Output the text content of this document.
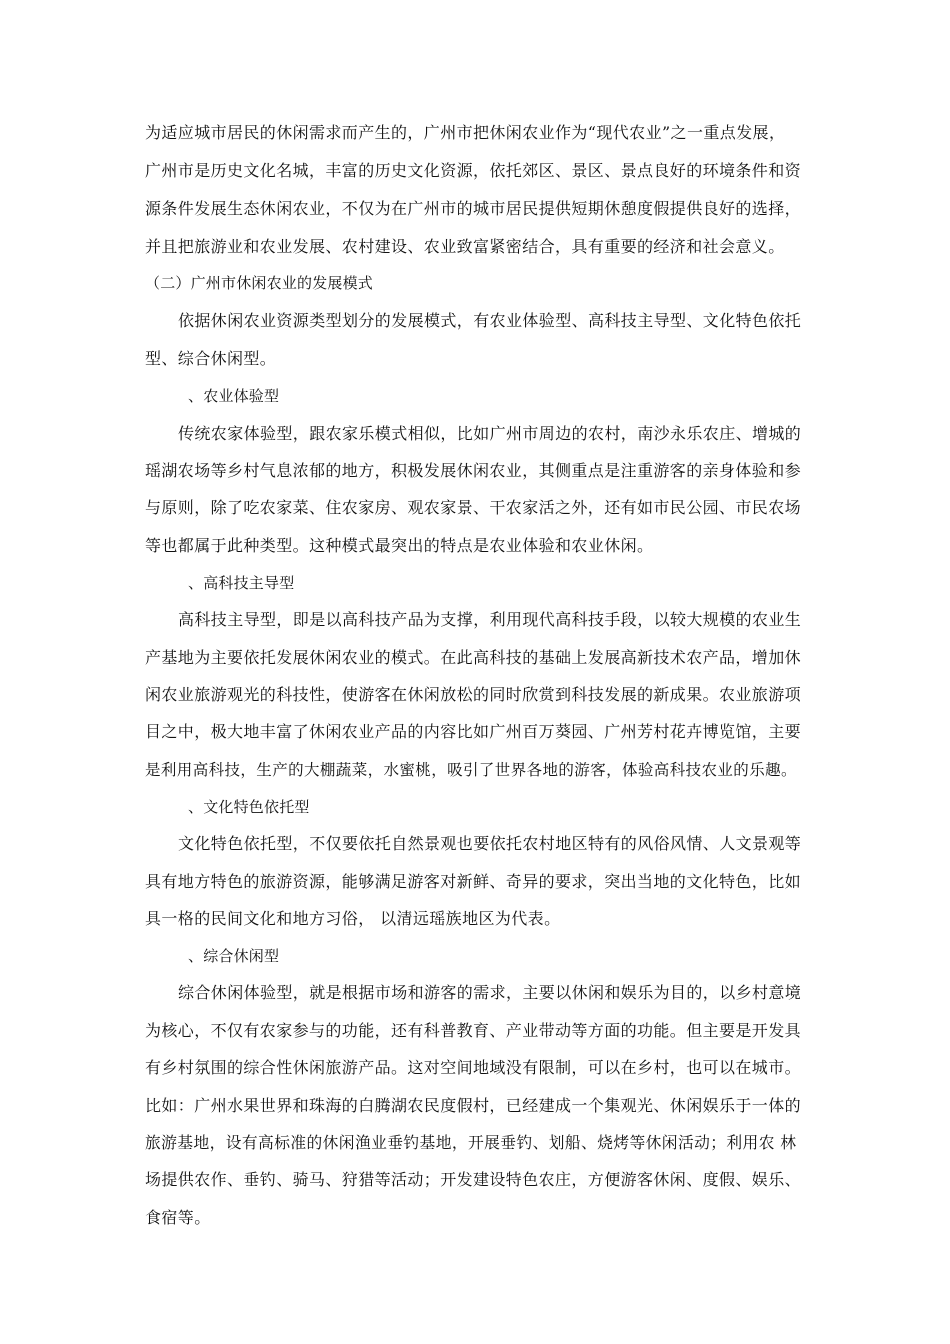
为适应城市居民的休闲需求而产生的，广州市把休闲农业作为“现代农业”之一重点发展，
广州市是历史文化名城，丰富的历史文化资源，依托郊区、景区、景点良好的环境条件和资
源条件发展生态休闲农业，不仅为在广州市的城市居民提供短期休憩度假提供良好的选择，
并且把旅游业和农业发展、农村建设、农业致富紧密结合，具有重要的经济和社会意义。
（二）广州市休闲农业的发展模式
依据休闲农业资源类型划分的发展模式，有农业体验型、高科技主导型、文化特色依托
型、综合休闲型。
、农业体验型
传统农家体验型，跟农家乐模式相似，比如广州市周边的农村，南沙永乐农庄、增城的
瑶湖农场等乡村气息浓郁的地方，积极发展休闲农业，其侧重点是注重游客的亲身体验和参
与原则，除了吃农家菜、住农家房、观农家景、干农家活之外，还有如市民公园、市民农场
等也都属于此种类型。这种模式最突出的特点是农业体验和农业休闲。
、高科技主导型
高科技主导型，即是以高科技产品为支撑，利用现代高科技手段，以较大规模的农业生
产基地为主要依托发展休闲农业的模式。在此高科技的基础上发展高新技术农产品，增加休
闲农业旅游观光的科技性，使游客在休闲放松的同时欣赏到科技发展的新成果。农业旅游项
目之中，极大地丰富了休闲农业产品的内容比如广州百万葵园、广州芳村花卉博览馆，主要
是利用高科技，生产的大棚蔬菜，水蜜桃，吸引了世界各地的游客，体验高科技农业的乐趣。
、文化特色依托型
文化特色依托型，不仅要依托自然景观也要依托农村地区特有的风俗风情、人文景观等
具有地方特色的旅游资源，能够满足游客对新鲜、奇异的要求，突出当地的文化特色，比如
具一格的民间文化和地方习俗， 以清远瑶族地区为代表。
、综合休闲型
综合休闲体验型，就是根据市场和游客的需求，主要以休闲和娱乐为目的，以乡村意境
为核心，不仅有农家参与的功能，还有科普教育、产业带动等方面的功能。但主要是开发具
有乡村氛围的综合性休闲旅游产品。这对空间地域没有限制，可以在乡村，也可以在城市。
比如：广州水果世界和珠海的白腾湖农民度假村，已经建成一个集观光、休闲娱乐于一体的
旅游基地，设有高标准的休闲渔业垂钓基地，开展垂钓、划船、烧烤等休闲活动；利用农 林
场提供农作、垂钓、骑马、狩猎等活动；开发建设特色农庄，方便游客休闲、度假、娱乐、
食宿等。
